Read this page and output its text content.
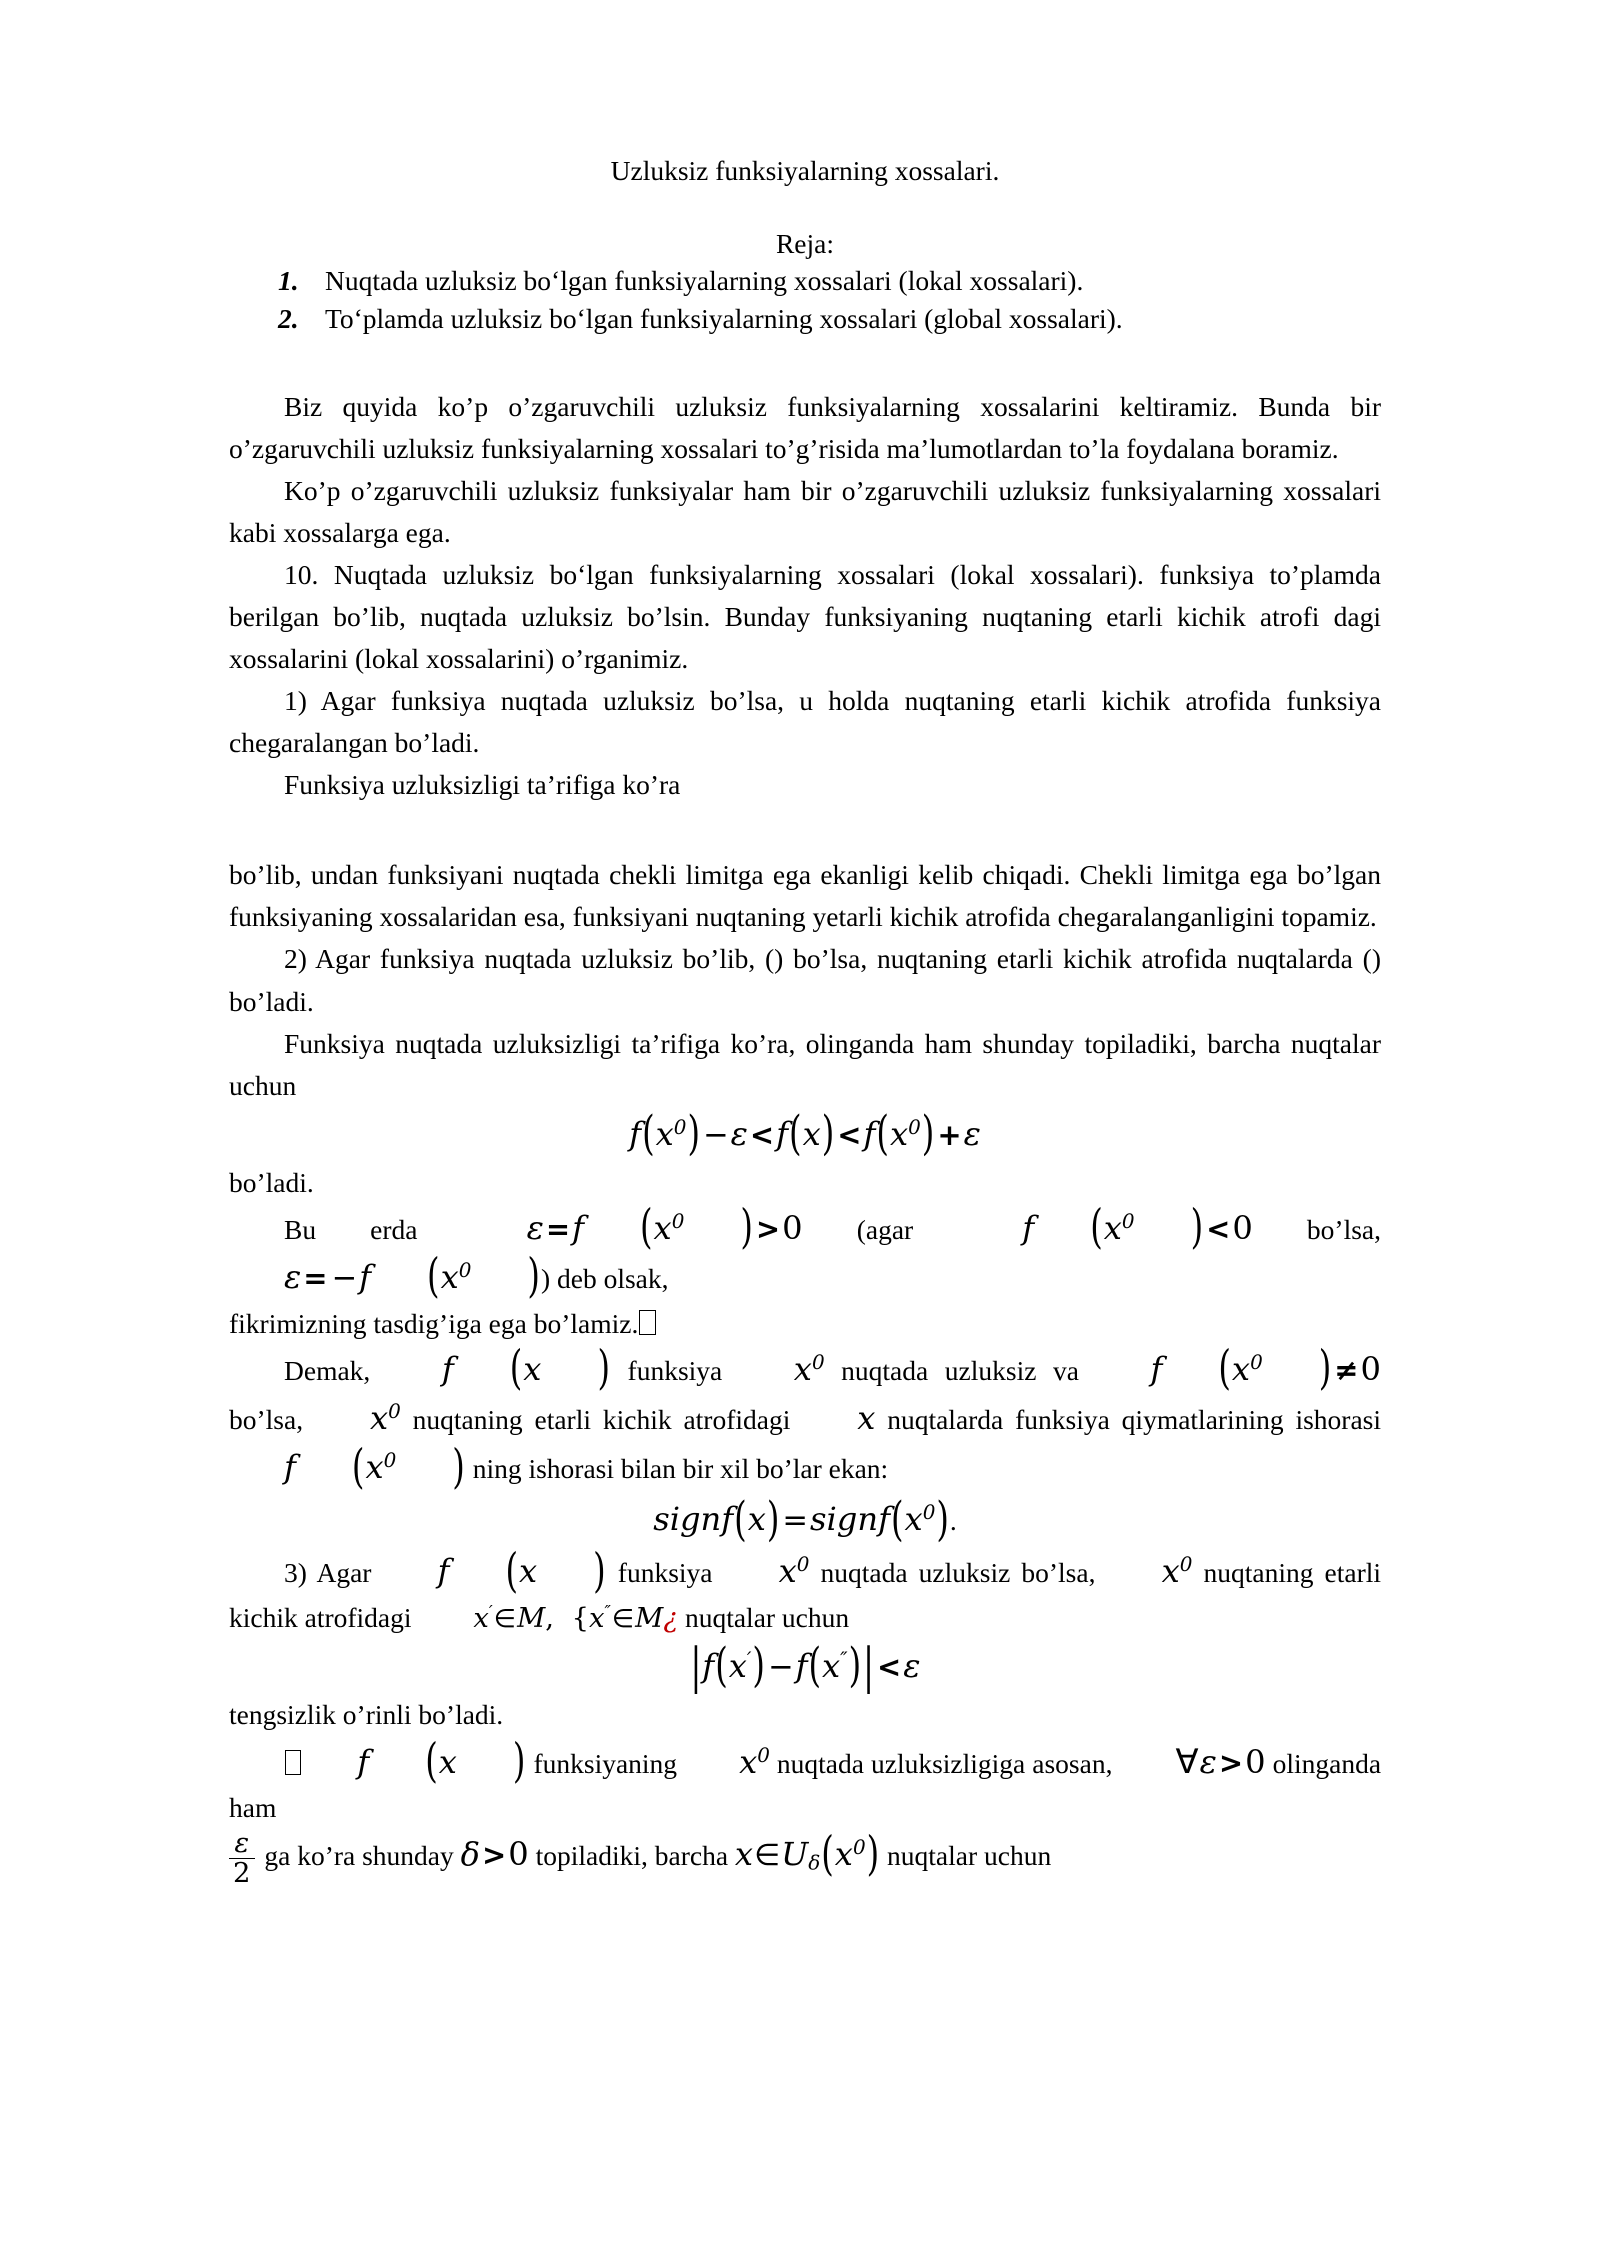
Uzluksiz funksiyalarning xossalari.

Reja:

1. Nuqtada uzluksiz bo‘lgan funksiyalarning xossalari (lokal xossalari).
2. To‘plamda uzluksiz bo‘lgan funksiyalarning xossalari (global xossalari).

Biz quyida ko’p o’zgaruvchili uzluksiz funksiyalarning xossalarini keltiramiz. Bunda bir o’zgaruvchili uzluksiz funksiyalarning xossalari to’g’risida ma’lumotlardan to’la foydalana boramiz.

Ko’p o’zgaruvchili uzluksiz funksiyalar ham bir o’zgaruvchili uzluksiz funksiyalarning xossalari kabi xossalarga ega.

10. Nuqtada uzluksiz bo‘lgan funksiyalarning xossalari (lokal xossalari). funksiya to’plamda berilgan bo’lib, nuqtada uzluksiz bo’lsin. Bunday funksiyaning nuqtaning etarli kichik atrofi dagi xossalarini (lokal xossalarini) o’rganimiz.

1) Agar funksiya nuqtada uzluksiz bo’lsa, u holda nuqtaning etarli kichik atrofida funksiya chegaralangan bo’ladi.

Funksiya uzluksizligi ta’rifiga ko’ra

bo’lib, undan funksiyani nuqtada chekli limitga ega ekanligi kelib chiqadi. Chekli limitga ega bo’lgan funksiyaning xossalaridan esa, funksiyani nuqtaning yetarli kichik atrofida chegaralanganligini topamiz.

2) Agar funksiya nuqtada uzluksiz bo’lib, () bo’lsa, nuqtaning etarli kichik atrofida nuqtalarda () bo’ladi.

Funksiya nuqtada uzluksizligi ta’rifiga ko’ra, olinganda ham shunday topiladiki, barcha nuqtalar uchun

$f(x^0)-\varepsilon<f(x) <f(x^0) +\varepsilon$

bo’ladi.

Bu erda	ε=f ($x^0$ ) >0 (agar	f ($x^0$ ) <0 bo’lsa, ε= −f ($x^0$ )) deb olsak,

fikrimizning tasdig’iga ega bo’lamiz.

Demak, f (x ) funksiya $x^0$ nuqtada uzluksiz va f ($x^0$ ) ≠0 bo’lsa, $x^0$ nuqtaning etarli kichik atrofidagi x nuqtalarda funksiya qiymatlarining ishorasi f ($x^0$ ) ning ishorasi bilan bir xil bo’lar ekan:

$signf(x)=signf(x^0)$.

3) Agar f (x ) funksiya $x^0$ nuqtada uzluksiz bo’lsa, $x^0$ nuqtaning etarli kichik atrofidagi x′∈M, {x″∈M¿ nuqtalar uchun

|f(x′)−f(x″)| <ε

tengsizlik o’rinli bo’ladi.

f (x ) funksiyaning $x^0$ nuqtada uzluksizligiga asosan, ∀ε>0 olinganda ham

$\frac{\varepsilon}{2}$ ga ko’ra shunday δ>0 topiladiki, barcha $x\in U_\delta(x^0)$ nuqtalar uchun
